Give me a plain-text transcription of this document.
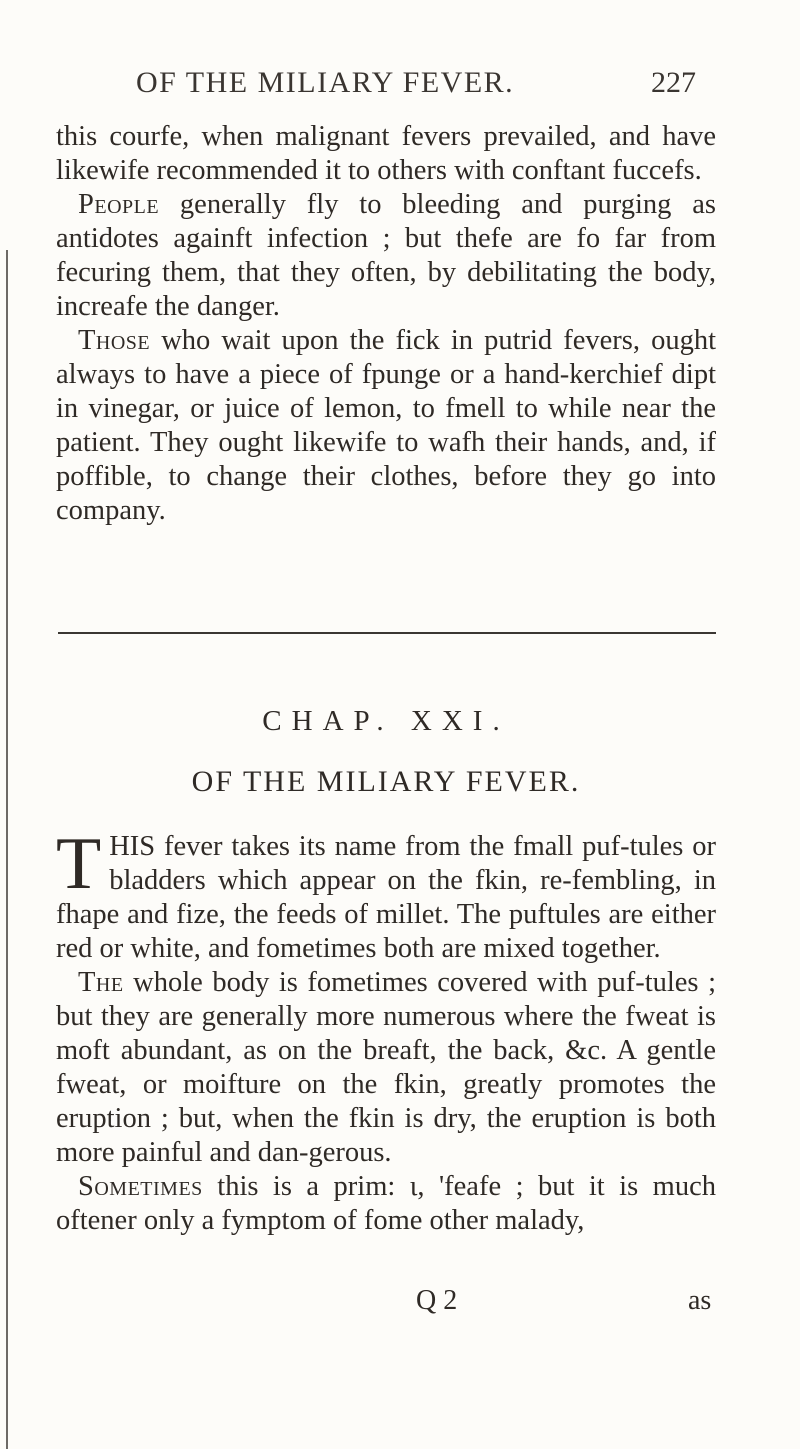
OF THE MILIARY FEVER.	227

this courfe, when malignant fevers prevailed, and have likewife recommended it to others with conftant fuccefs.

People generally fly to bleeding and purging as antidotes againft infection ; but thefe are fo far from fecuring them, that they often, by debilitating the body, increafe the danger.

Those who wait upon the fick in putrid fevers, ought always to have a piece of fpunge or a hand-kerchief dipt in vinegar, or juice of lemon, to fmell to while near the patient. They ought likewife to wafh their hands, and, if poffible, to change their clothes, before they go into company.

CHAP. XXI.
OF THE MILIARY FEVER.

THIS fever takes its name from the fmall puf-tules or bladders which appear on the fkin, re-fembling, in fhape and fize, the feeds of millet. The puftules are either red or white, and fometimes both are mixed together.

The whole body is fometimes covered with puf-tules ; but they are generally more numerous where the fweat is moft abundant, as on the breaft, the back, &c. A gentle fweat, or moifture on the fkin, greatly promotes the eruption ; but, when the fkin is dry, the eruption is both more painful and dan-gerous.

Sometimes this is a prim: ι, 'feafe ; but it is much oftener only a fymptom of fome other malady,

Q 2	as
